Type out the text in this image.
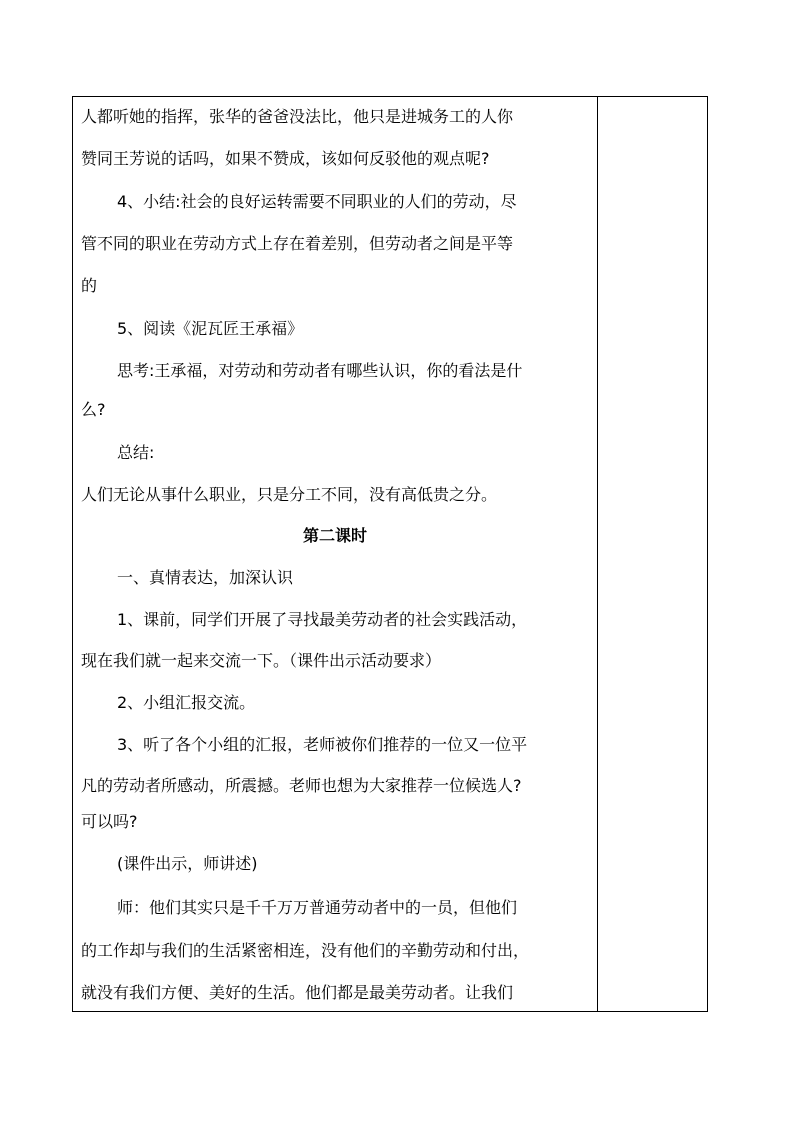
人都听她的指挥，张华的爸爸没法比，他只是进城务工的人你
赞同王芳说的话吗，如果不赞成，该如何反驳他的观点呢?
4、小结:社会的良好运转需要不同职业的人们的劳动，尽
管不同的职业在劳动方式上存在着差别，但劳动者之间是平等
的
5、阅读《泥瓦匠王承福》
思考:王承福，对劳动和劳动者有哪些认识，你的看法是什
么?
总结:
人们无论从事什么职业，只是分工不同，没有高低贵之分。
第二课时
一、真情表达，加深认识
1、课前，同学们开展了寻找最美劳动者的社会实践活动，
现在我们就一起来交流一下。（课件出示活动要求）
2、小组汇报交流。
3、听了各个小组的汇报，老师被你们推荐的一位又一位平
凡的劳动者所感动，所震撼。老师也想为大家推荐一位候选人?
可以吗?
(课件出示，师讲述)
师：他们其实只是千千万万普通劳动者中的一员，但他们
的工作却与我们的生活紧密相连，没有他们的辛勤劳动和付出，
就没有我们方便、美好的生活。他们都是最美劳动者。让我们
